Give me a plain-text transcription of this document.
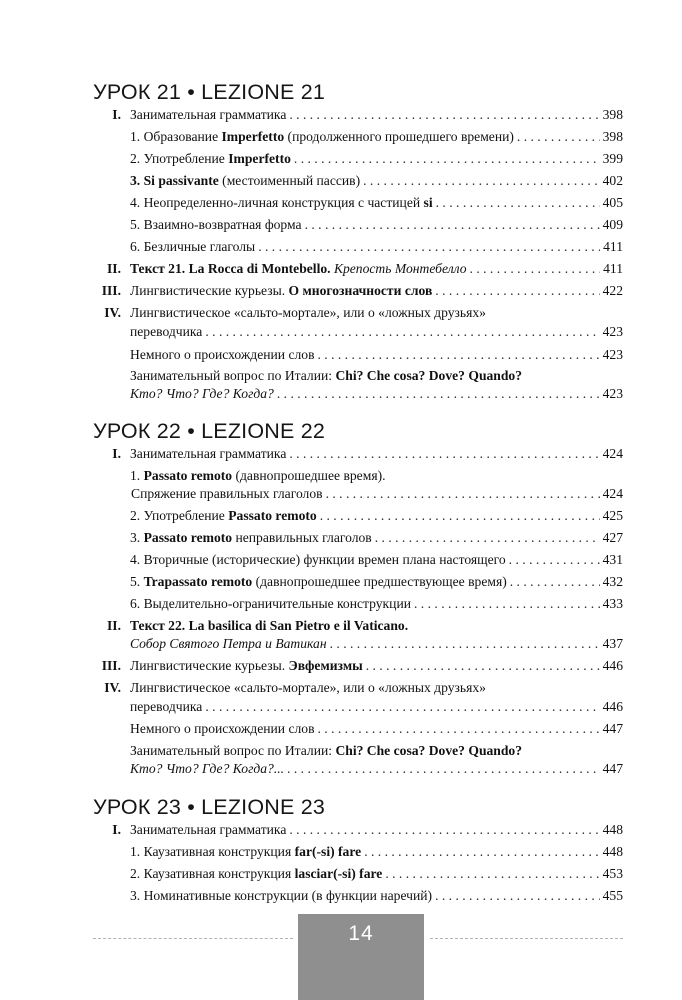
УРОК 21 • LEZIONE 21
I. Занимательная грамматика . . .	398
1. Образование Imperfetto (продолженного прошедшего времени) . . .	398
2. Употребление Imperfetto . . .	399
3. Si passivante (местоименный пассив) . . .	402
4. Неопределенно-личная конструкция с частицей si . . .	405
5. Взаимно-возвратная форма . . .	409
6. Безличные глаголы . . .	411
II. Текст 21. La Rocca di Montebello. Крепость Монтебелло . . .	411
III. Лингвистические курьезы. О многозначности слов . . .	422
IV. Лингвистическое «сальто-мортале», или о «ложных друзьях»
переводчика . . .	423
Немного о происхождении слов . . .	423
Занимательный вопрос по Италии: Chi? Che cosa? Dove? Quando?
Кто? Что? Где? Когда? . . .	423
УРОК 22 • LEZIONE 22
I. Занимательная грамматика . . .	424
1. Passato remoto (давнопрошедшее время).
Спряжение правильных глаголов . . .	424
2. Употребление Passato remoto . . .	425
3. Passato remoto неправильных глаголов . . .	427
4. Вторичные (исторические) функции времен плана настоящего . . .	431
5. Trapassato remoto (давнопрошедшее предшествующее время) . . .	432
6. Выделительно-ограничительные конструкции . . .	433
II. Текст 22. La basilica di San Pietro e il Vaticano.
Собор Святого Петра и Ватикан . . .	437
III. Лингвистические курьезы. Эвфемизмы . . .	446
IV. Лингвистическое «сальто-мортале», или о «ложных друзьях»
переводчика . . .	446
Немного о происхождении слов . . .	447
Занимательный вопрос по Италии: Chi? Che cosa? Dove? Quando?
Кто? Что? Где? Когда?... . . .	447
УРОК 23 • LEZIONE 23
I. Занимательная грамматика . . .	448
1. Каузативная конструкция far(-si) fare . . .	448
2. Каузативная конструкция lasciar(-si) fare . . .	453
3. Номинативные конструкции (в функции наречий) . . .	455
14
